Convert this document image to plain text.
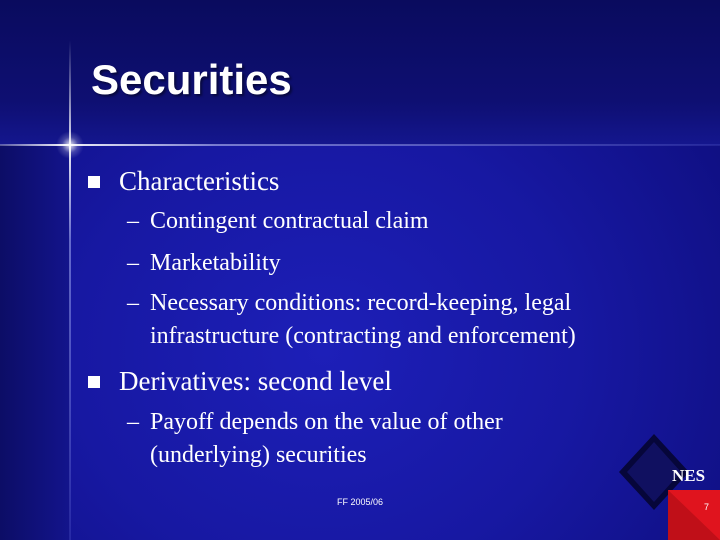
Securities
Characteristics
– Contingent contractual claim
– Marketability
– Necessary conditions: record-keeping, legal
infrastructure (contracting and enforcement)
Derivatives: second level
– Payoff depends on the value of other
(underlying) securities
FF 2005/06
NES
7
